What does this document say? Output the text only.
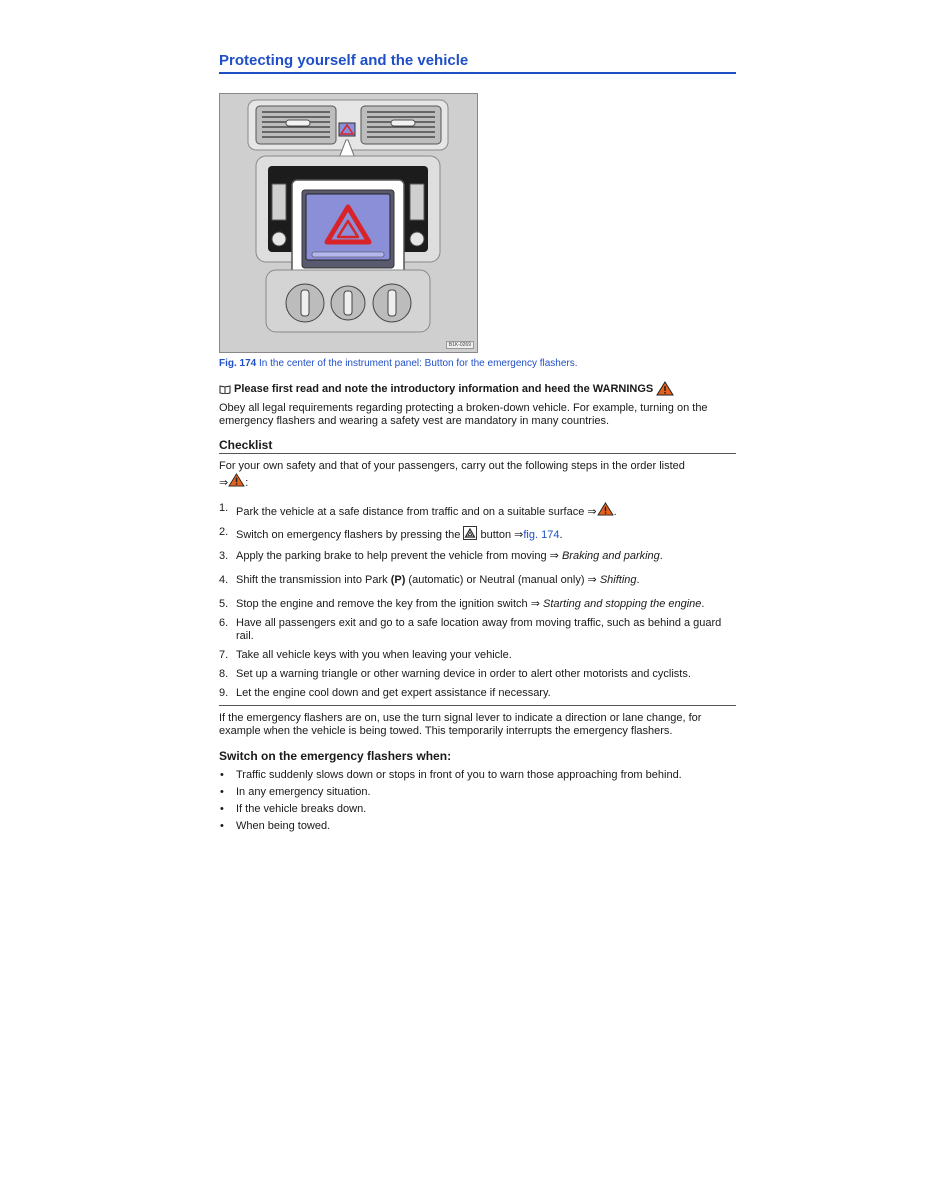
Protecting yourself and the vehicle
B1K-0269
Fig. 174 In the center of the instrument panel: Button for the emergency flashers.
Please first read and note the introductory information and heed the WARNINGS
Obey all legal requirements regarding protecting a broken-down vehicle. For example, turning on the emergency flashers and wearing a safety vest are mandatory in many countries.
Checklist
For your own safety and that of your passengers, carry out the following steps in the order listed
⇒ :
1. Park the vehicle at a safe distance from traffic and on a suitable surface ⇒ .
2. Switch on emergency flashers by pressing the
button ⇒fig. 174.
3. Apply the parking brake to help prevent the vehicle from moving ⇒ Braking and parking.
4. Shift the transmission into Park (P) (automatic) or Neutral (manual only) ⇒ Shifting.
5. Stop the engine and remove the key from the ignition switch ⇒ Starting and stopping the engine.
6. Have all passengers exit and go to a safe location away from moving traffic, such as behind a guard rail.
7. Take all vehicle keys with you when leaving your vehicle.
8. Set up a warning triangle or other warning device in order to alert other motorists and cyclists.
9. Let the engine cool down and get expert assistance if necessary.
If the emergency flashers are on, use the turn signal lever to indicate a direction or lane change, for example when the vehicle is being towed. This temporarily interrupts the emergency flashers.
Switch on the emergency flashers when:
• Traffic suddenly slows down or stops in front of you to warn those approaching from behind.
• In any emergency situation.
• If the vehicle breaks down.
• When being towed.
